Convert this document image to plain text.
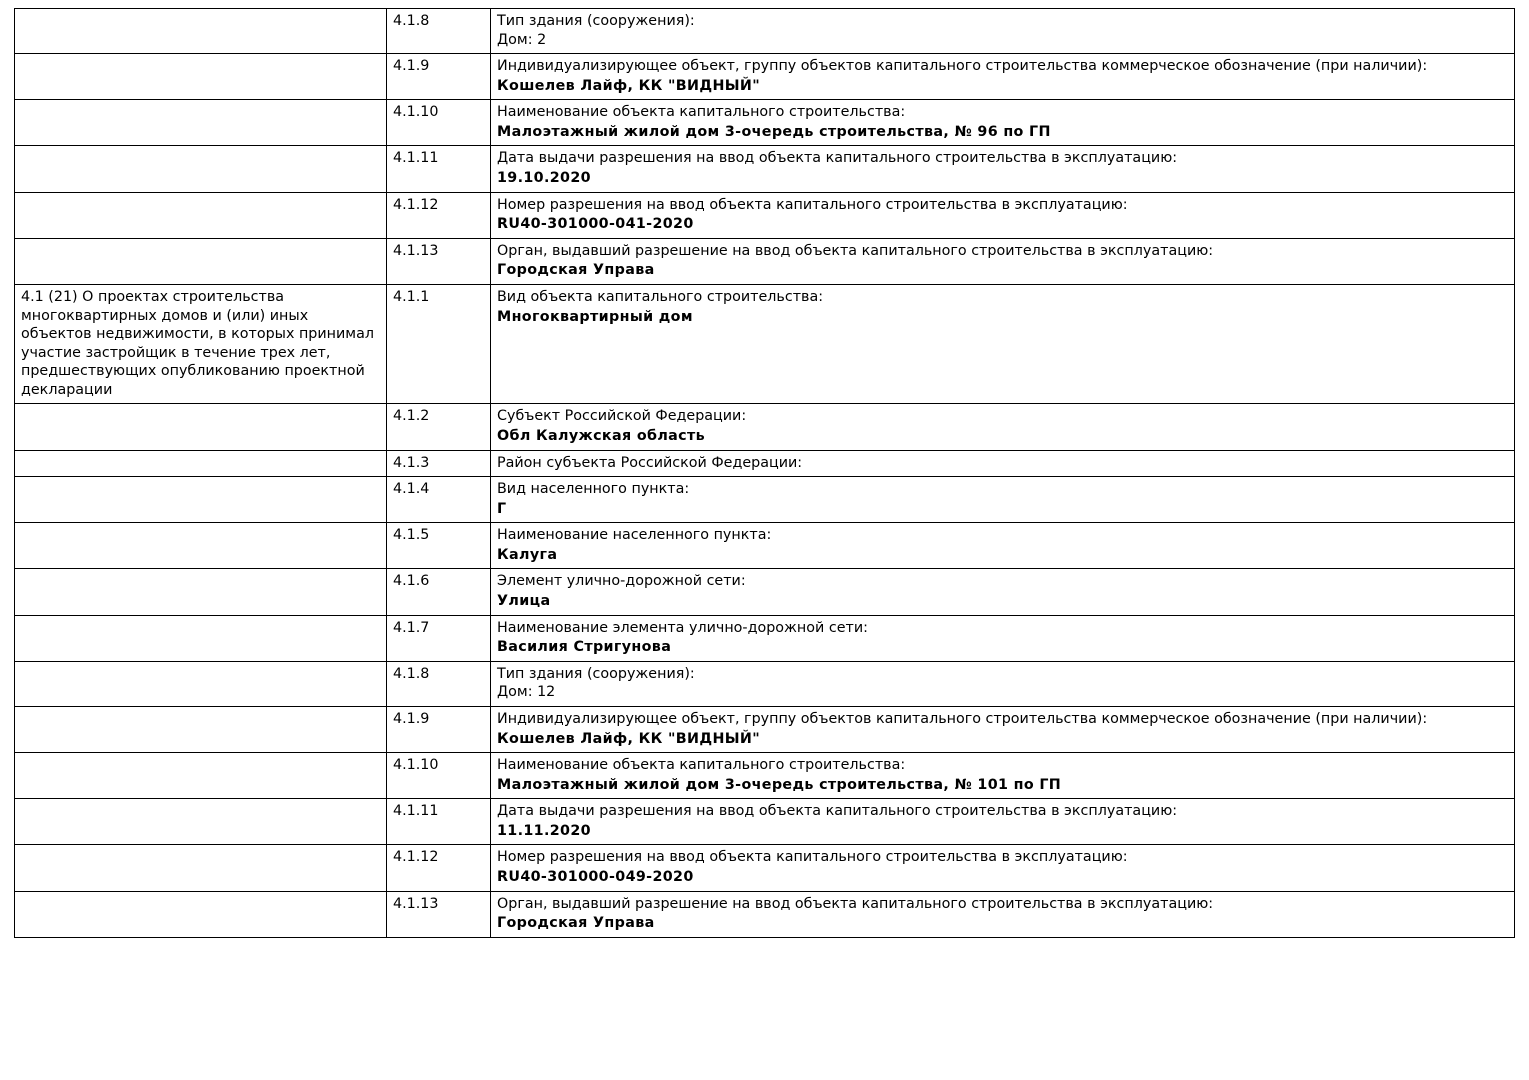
	4.1.8	Тип здания (сооружения):
Дом: 2

	4.1.9	Индивидуализирующее объект, группу объектов капитального строительства коммерческое обозначение (при наличии):
Кошелев Лайф, КК "ВИДНЫЙ"

	4.1.10	Наименование объекта капитального строительства:
Малоэтажный жилой дом 3-очередь строительства, № 96 по ГП

	4.1.11	Дата выдачи разрешения на ввод объекта капитального строительства в эксплуатацию:
19.10.2020

	4.1.12	Номер разрешения на ввод объекта капитального строительства в эксплуатацию:
RU40-301000-041-2020

	4.1.13	Орган, выдавший разрешение на ввод объекта капитального строительства в эксплуатацию:
Городская Управа

4.1 (21) О проектах строительства многоквартирных домов и (или) иных объектов недвижимости, в которых принимал участие застройщик в течение трех лет, предшествующих опубликованию проектной декларации	4.1.1	Вид объекта капитального строительства:
Многоквартирный дом

	4.1.2	Субъект Российской Федерации:
Обл Калужская область

	4.1.3	Район субъекта Российской Федерации:

	4.1.4	Вид населенного пункта:
Г

	4.1.5	Наименование населенного пункта:
Калуга

	4.1.6	Элемент улично-дорожной сети:
Улица

	4.1.7	Наименование элемента улично-дорожной сети:
Василия Стригунова

	4.1.8	Тип здания (сооружения):
Дом: 12

	4.1.9	Индивидуализирующее объект, группу объектов капитального строительства коммерческое обозначение (при наличии):
Кошелев Лайф, КК "ВИДНЫЙ"

	4.1.10	Наименование объекта капитального строительства:
Малоэтажный жилой дом 3-очередь строительства, № 101 по ГП

	4.1.11	Дата выдачи разрешения на ввод объекта капитального строительства в эксплуатацию:
11.11.2020

	4.1.12	Номер разрешения на ввод объекта капитального строительства в эксплуатацию:
RU40-301000-049-2020

	4.1.13	Орган, выдавший разрешение на ввод объекта капитального строительства в эксплуатацию:
Городская Управа
